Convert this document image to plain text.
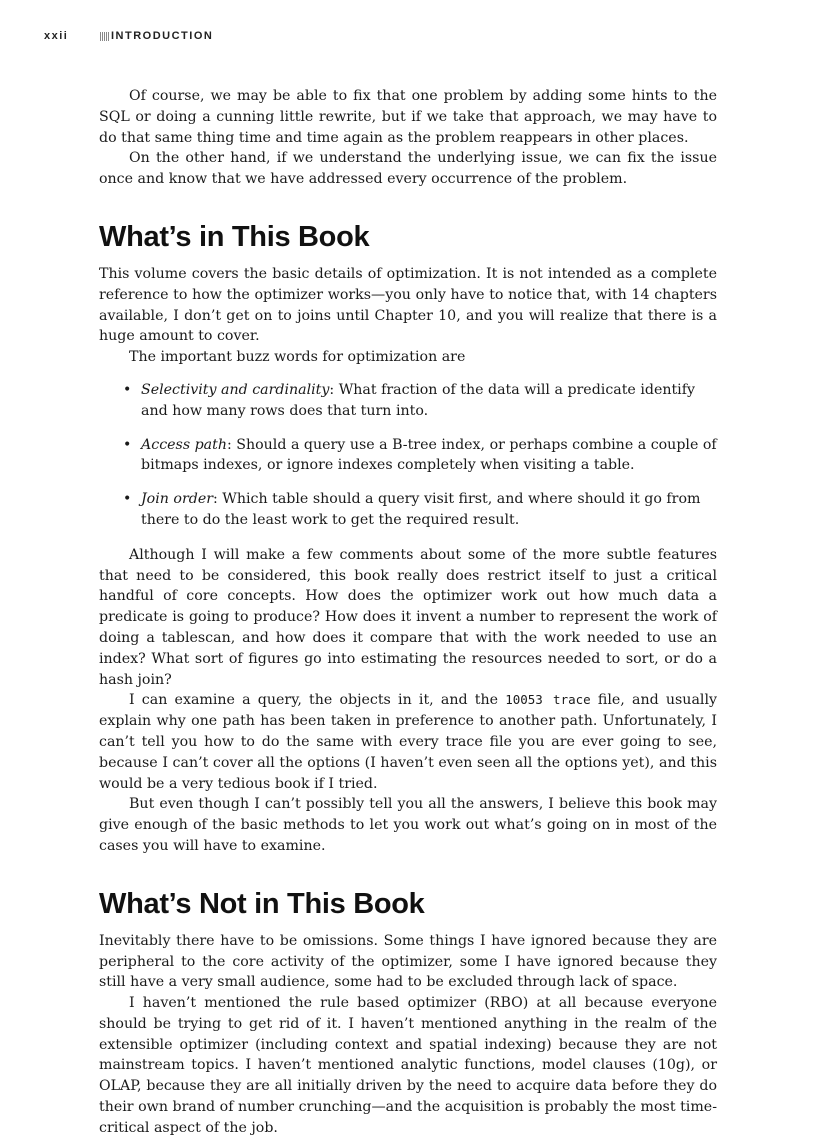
xxii	INTRODUCTION

Of course, we may be able to fix that one problem by adding some hints to the SQL or doing a cunning little rewrite, but if we take that approach, we may have to do that same thing time and time again as the problem reappears in other places.

On the other hand, if we understand the underlying issue, we can fix the issue once and know that we have addressed every occurrence of the problem.

What’s in This Book

This volume covers the basic details of optimization. It is not intended as a complete reference to how the optimizer works—you only have to notice that, with 14 chapters available, I don’t get on to joins until Chapter 10, and you will realize that there is a huge amount to cover.

The important buzz words for optimization are

• Selectivity and cardinality: What fraction of the data will a predicate identify and how many rows does that turn into.
• Access path: Should a query use a B-tree index, or perhaps combine a couple of bitmaps indexes, or ignore indexes completely when visiting a table.
• Join order: Which table should a query visit first, and where should it go from there to do the least work to get the required result.

Although I will make a few comments about some of the more subtle features that need to be considered, this book really does restrict itself to just a critical handful of core concepts. How does the optimizer work out how much data a predicate is going to produce? How does it invent a number to represent the work of doing a tablescan, and how does it compare that with the work needed to use an index? What sort of figures go into estimating the resources needed to sort, or do a hash join?

I can examine a query, the objects in it, and the 10053 trace file, and usually explain why one path has been taken in preference to another path. Unfortunately, I can’t tell you how to do the same with every trace file you are ever going to see, because I can’t cover all the options (I haven’t even seen all the options yet), and this would be a very tedious book if I tried.

But even though I can’t possibly tell you all the answers, I believe this book may give enough of the basic methods to let you work out what’s going on in most of the cases you will have to examine.

What’s Not in This Book

Inevitably there have to be omissions. Some things I have ignored because they are peripheral to the core activity of the optimizer, some I have ignored because they still have a very small audience, some had to be excluded through lack of space.

I haven’t mentioned the rule based optimizer (RBO) at all because everyone should be trying to get rid of it. I haven’t mentioned anything in the realm of the extensible optimizer (including context and spatial indexing) because they are not mainstream topics. I haven’t mentioned analytic functions, model clauses (10g), or OLAP, because they are all initially driven by the need to acquire data before they do their own brand of number crunching—and the acquisition is probably the most time-critical aspect of the job.
